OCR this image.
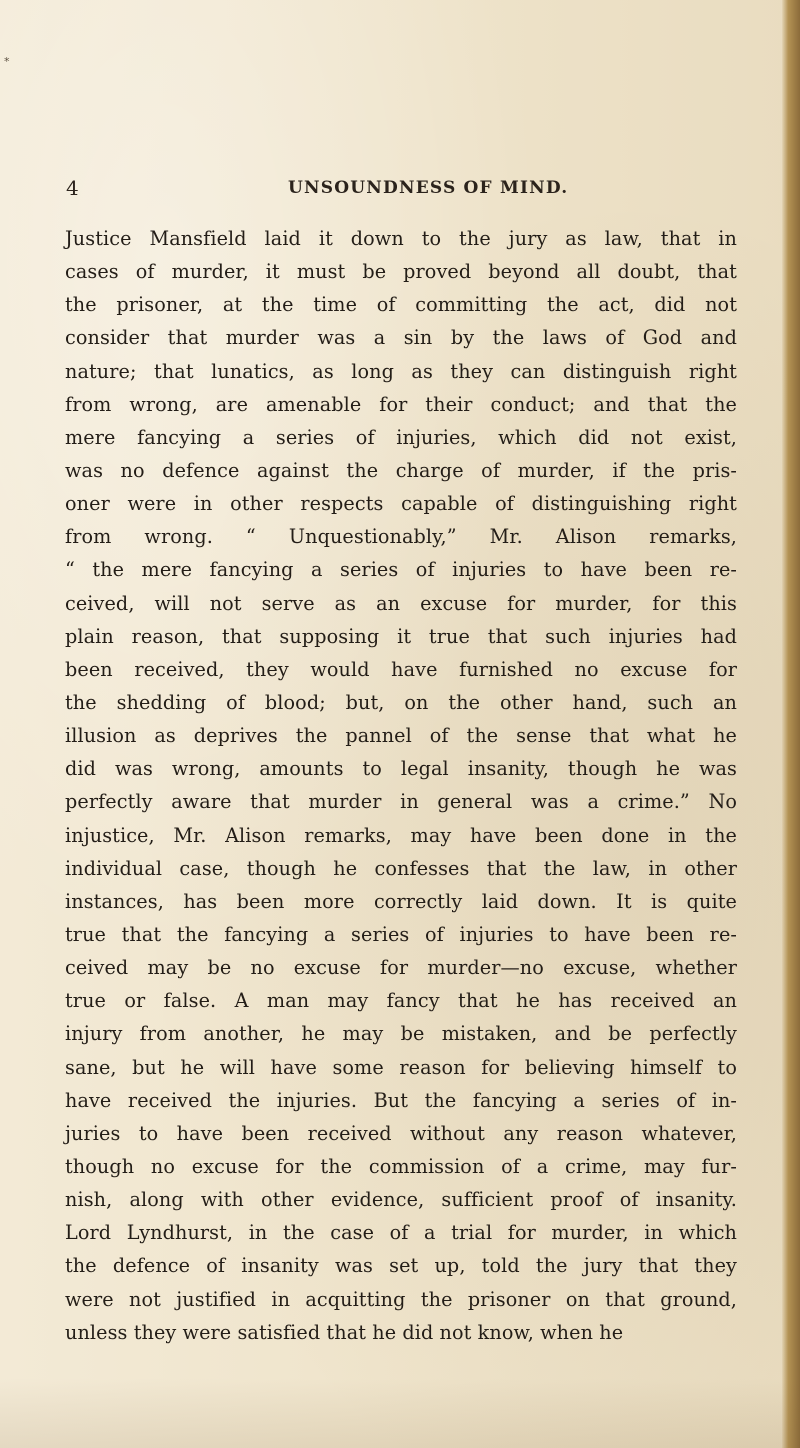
*
4	UNSOUNDNESS OF MIND.
Justice Mansfield laid it down to the jury as law, that in
cases of murder, it must be proved beyond all doubt, that
the prisoner, at the time of committing the act, did not
consider that murder was a sin by the laws of God and
nature; that lunatics, as long as they can distinguish right
from wrong, are amenable for their conduct; and that the
mere fancying a series of injuries, which did not exist,
was no defence against the charge of murder, if the pris-
oner were in other respects capable of distinguishing right
from wrong. “ Unquestionably,” Mr. Alison remarks,
“ the mere fancying a series of injuries to have been re-
ceived, will not serve as an excuse for murder, for this
plain reason, that supposing it true that such injuries had
been received, they would have furnished no excuse for
the shedding of blood; but, on the other hand, such an
illusion as deprives the pannel of the sense that what he
did was wrong, amounts to legal insanity, though he was
perfectly aware that murder in general was a crime.” No
injustice, Mr. Alison remarks, may have been done in the
individual case, though he confesses that the law, in other
instances, has been more correctly laid down. It is quite
true that the fancying a series of injuries to have been re-
ceived may be no excuse for murder—no excuse, whether
true or false. A man may fancy that he has received an
injury from another, he may be mistaken, and be perfectly
sane, but he will have some reason for believing himself to
have received the injuries. But the fancying a series of in-
juries to have been received without any reason whatever,
though no excuse for the commission of a crime, may fur-
nish, along with other evidence, sufficient proof of insanity.
Lord Lyndhurst, in the case of a trial for murder, in which
the defence of insanity was set up, told the jury that they
were not justified in acquitting the prisoner on that ground,
unless they were satisfied that he did not know, when he
